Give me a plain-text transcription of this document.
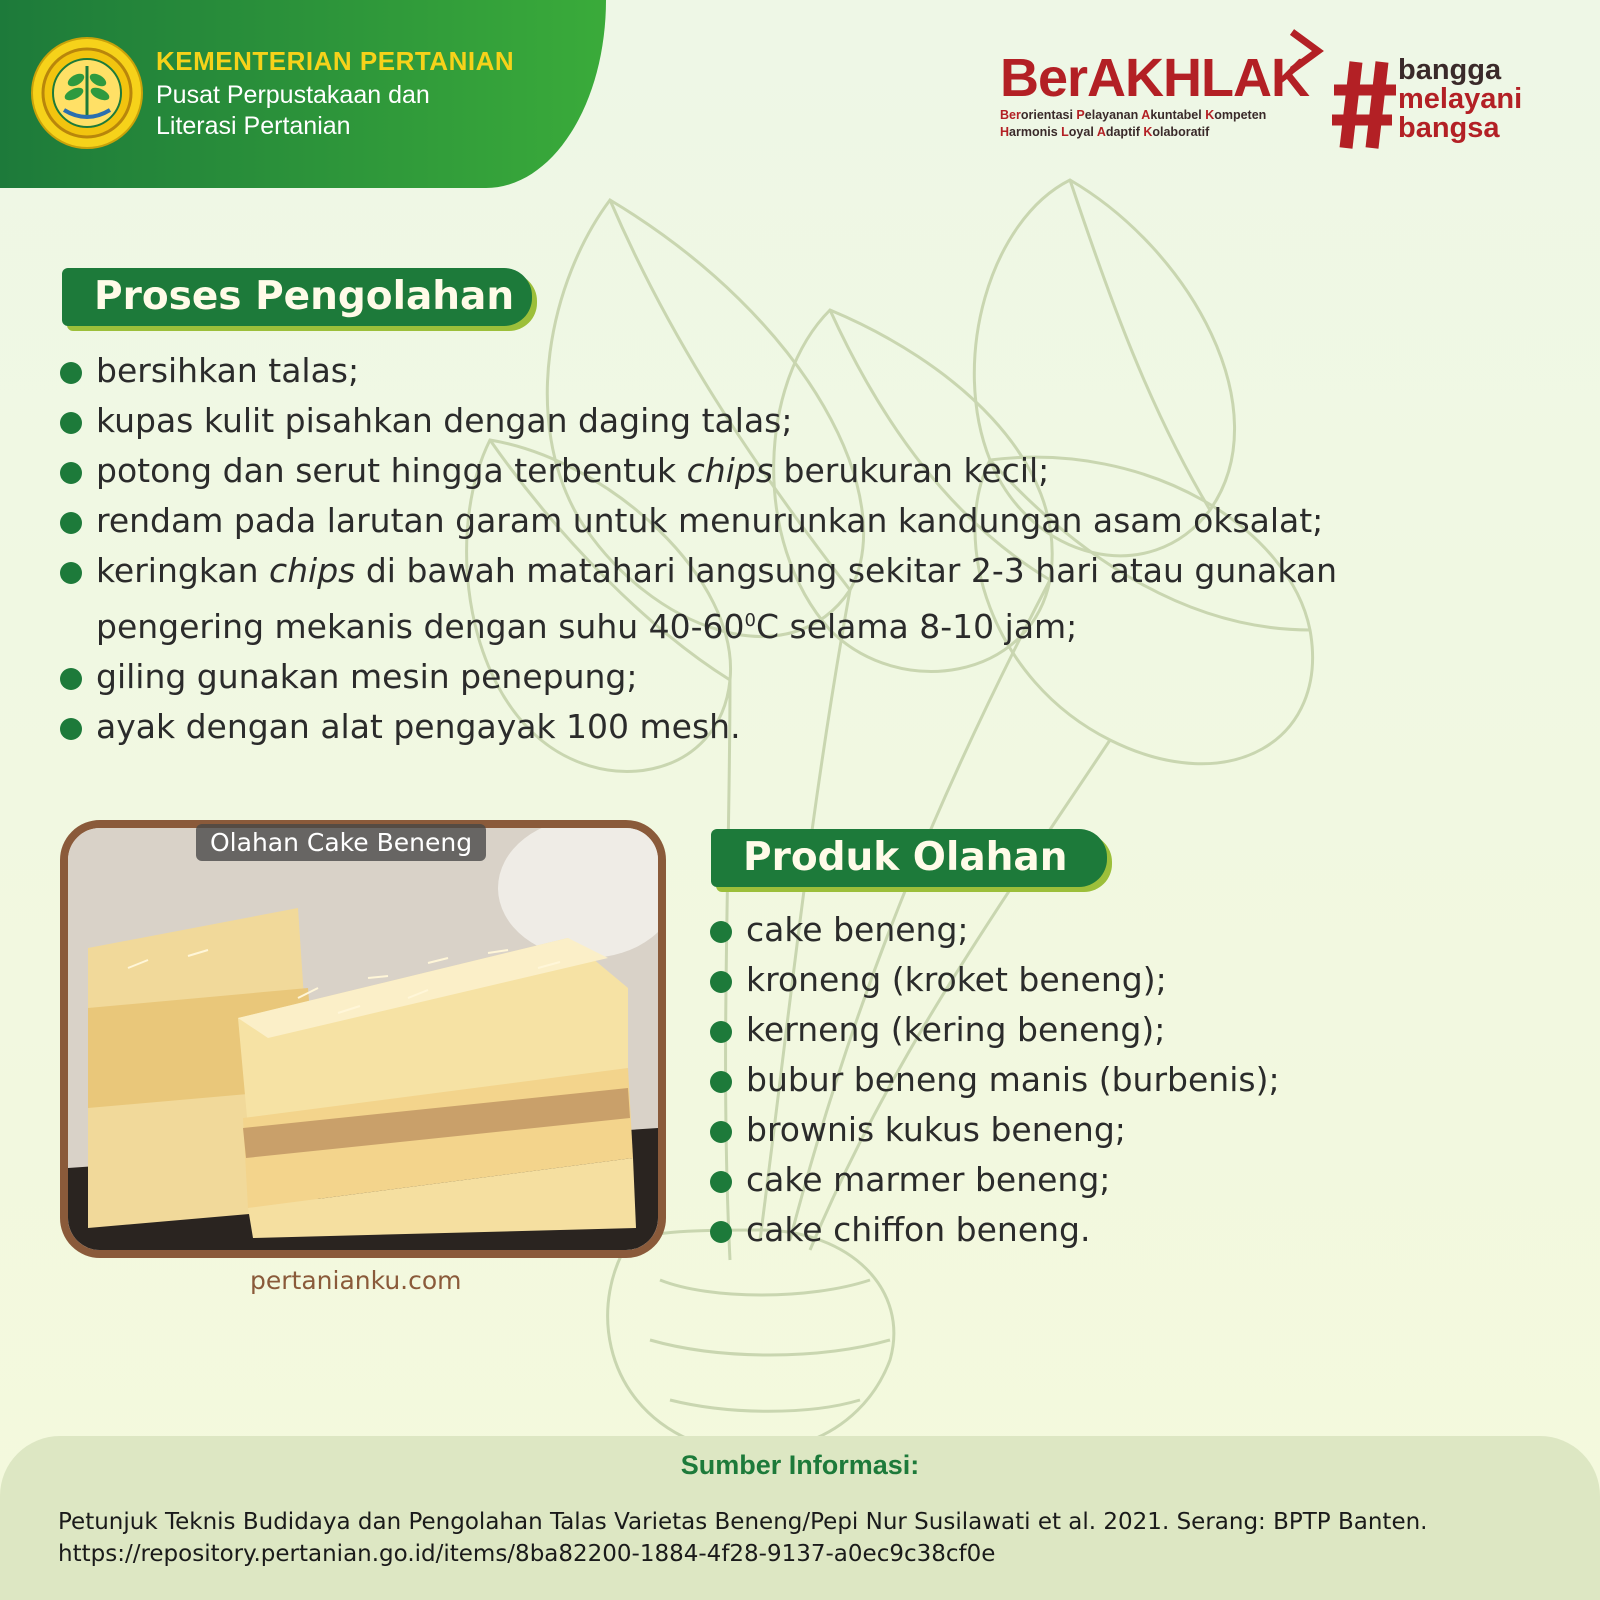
KEMENTERIAN PERTANIAN
Pusat Perpustakaan dan Literasi Pertanian
BerAKHLAK
Berorientasi Pelayanan Akuntabel Kompeten
Harmonis Loyal Adaptif Kolaboratif
bangga
melayani
bangsa
Proses Pengolahan
bersihkan talas;
kupas kulit pisahkan dengan daging talas;
potong dan serut hingga terbentuk chips berukuran kecil;
rendam pada larutan garam untuk menurunkan kandungan asam oksalat;
keringkan chips di bawah matahari langsung sekitar 2-3 hari atau gunakan pengering mekanis dengan suhu $40-60^0C$ selama 8-10 jam;
giling gunakan mesin penepung;
ayak dengan alat pengayak 100 mesh.
Olahan Cake Beneng
pertanianku.com
Produk Olahan
cake beneng;
kroneng (kroket beneng);
kerneng (kering beneng);
bubur beneng manis (burbenis);
brownis kukus beneng;
cake marmer beneng;
cake chiffon beneng.
Sumber Informasi:
Petunjuk Teknis Budidaya dan Pengolahan Talas Varietas Beneng/Pepi Nur Susilawati et al. 2021. Serang: BPTP Banten.
https://repository.pertanian.go.id/items/8ba82200-1884-4f28-9137-a0ec9c38cf0e
